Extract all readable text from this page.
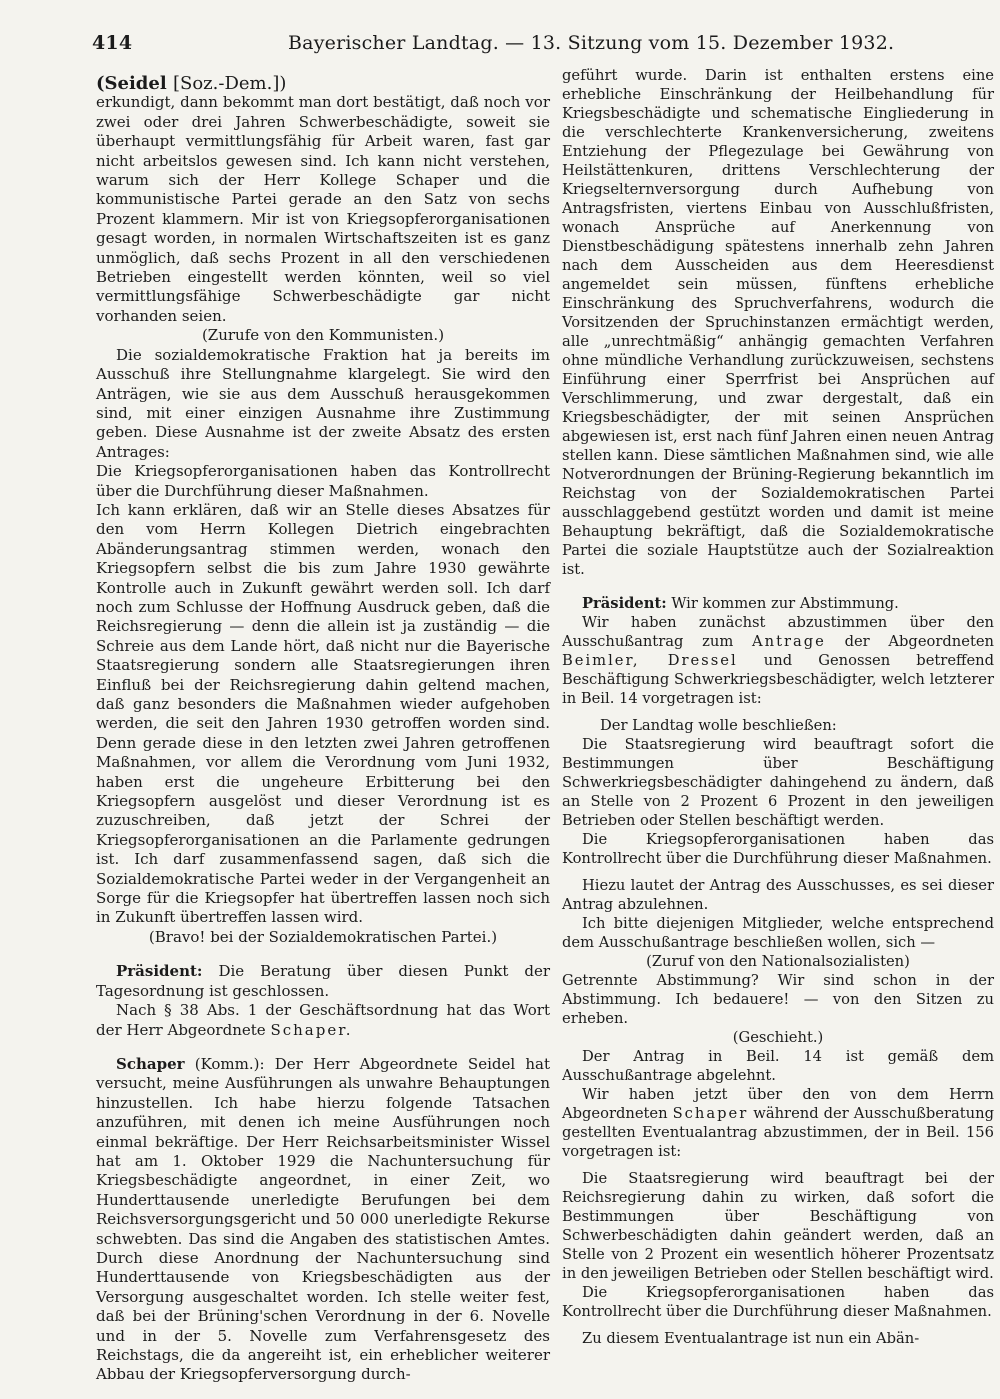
414	Bayerischer Landtag. — 13. Sitzung vom 15. Dezember 1932.

(Seidel [Soz.-Dem.])

erkundigt, dann bekommt man dort bestätigt, daß noch vor zwei oder drei Jahren Schwerbeschädigte, soweit sie überhaupt vermittlungsfähig für Arbeit waren, fast gar nicht arbeitslos gewesen sind. Ich kann nicht verstehen, warum sich der Herr Kollege Schaper und die kommunistische Partei gerade an den Satz von sechs Prozent klammern. Mir ist von Kriegsopferorganisationen gesagt worden, in normalen Wirtschaftszeiten ist es ganz unmöglich, daß sechs Prozent in all den verschiedenen Betrieben eingestellt werden könnten, weil so viel vermittlungsfähige Schwerbeschädigte gar nicht vorhanden seien.

(Zurufe von den Kommunisten.)

Die sozialdemokratische Fraktion hat ja bereits im Ausschuß ihre Stellungnahme klargelegt. Sie wird den Anträgen, wie sie aus dem Ausschuß herausgekommen sind, mit einer einzigen Ausnahme ihre Zustimmung geben. Diese Ausnahme ist der zweite Absatz des ersten Antrages:

Die Kriegsopferorganisationen haben das Kontrollrecht über die Durchführung dieser Maßnahmen.

Ich kann erklären, daß wir an Stelle dieses Absatzes für den vom Herrn Kollegen Dietrich eingebrachten Abänderungsantrag stimmen werden, wonach den Kriegsopfern selbst die bis zum Jahre 1930 gewährte Kontrolle auch in Zukunft gewährt werden soll. Ich darf noch zum Schlusse der Hoffnung Ausdruck geben, daß die Reichsregierung — denn die allein ist ja zuständig — die Schreie aus dem Lande hört, daß nicht nur die Bayerische Staatsregierung sondern alle Staatsregierungen ihren Einfluß bei der Reichsregierung dahin geltend machen, daß ganz besonders die Maßnahmen wieder aufgehoben werden, die seit den Jahren 1930 getroffen worden sind. Denn gerade diese in den letzten zwei Jahren getroffenen Maßnahmen, vor allem die Verordnung vom Juni 1932, haben erst die ungeheure Erbitterung bei den Kriegsopfern ausgelöst und dieser Verordnung ist es zuzuschreiben, daß jetzt der Schrei der Kriegsopferorganisationen an die Parlamente gedrungen ist. Ich darf zusammenfassend sagen, daß sich die Sozialdemokratische Partei weder in der Vergangenheit an Sorge für die Kriegsopfer hat übertreffen lassen noch sich in Zukunft übertreffen lassen wird.

(Bravo! bei der Sozialdemokratischen Partei.)

Präsident: Die Beratung über diesen Punkt der Tagesordnung ist geschlossen.

Nach § 38 Abs. 1 der Geschäftsordnung hat das Wort der Herr Abgeordnete Schaper.

Schaper (Komm.): Der Herr Abgeordnete Seidel hat versucht, meine Ausführungen als unwahre Behauptungen hinzustellen. Ich habe hierzu folgende Tatsachen anzuführen, mit denen ich meine Ausführungen noch einmal bekräftige. Der Herr Reichsarbeitsminister Wissel hat am 1. Oktober 1929 die Nachuntersuchung für Kriegsbeschädigte angeordnet, in einer Zeit, wo Hunderttausende unerledigte Berufungen bei dem Reichsversorgungsgericht und 50 000 unerledigte Rekurse schwebten. Das sind die Angaben des statistischen Amtes. Durch diese Anordnung der Nachuntersuchung sind Hunderttausende von Kriegsbeschädigten aus der Versorgung ausgeschaltet worden. Ich stelle weiter fest, daß bei der Brüning'schen Verordnung in der 6. Novelle und in der 5. Novelle zum Verfahrensgesetz des Reichstags, die da angereiht ist, ein erheblicher weiterer Abbau der Kriegsopferversorgung durch-

geführt wurde. Darin ist enthalten erstens eine erhebliche Einschränkung der Heilbehandlung für Kriegsbeschädigte und schematische Eingliederung in die verschlechterte Krankenversicherung, zweitens Entziehung der Pflegezulage bei Gewährung von Heilstättenkuren, drittens Verschlechterung der Kriegselternversorgung durch Aufhebung von Antragsfristen, viertens Einbau von Ausschlußfristen, wonach Ansprüche auf Anerkennung von Dienstbeschädigung spätestens innerhalb zehn Jahren nach dem Ausscheiden aus dem Heeresdienst angemeldet sein müssen, fünftens erhebliche Einschränkung des Spruchverfahrens, wodurch die Vorsitzenden der Spruchinstanzen ermächtigt werden, alle „unrechtmäßig“ anhängig gemachten Verfahren ohne mündliche Verhandlung zurückzuweisen, sechstens Einführung einer Sperrfrist bei Ansprüchen auf Verschlimmerung, und zwar dergestalt, daß ein Kriegsbeschädigter, der mit seinen Ansprüchen abgewiesen ist, erst nach fünf Jahren einen neuen Antrag stellen kann. Diese sämtlichen Maßnahmen sind, wie alle Notverordnungen der Brüning-Regierung bekanntlich im Reichstag von der Sozialdemokratischen Partei ausschlaggebend gestützt worden und damit ist meine Behauptung bekräftigt, daß die Sozialdemokratische Partei die soziale Hauptstütze auch der Sozialreaktion ist.

Präsident: Wir kommen zur Abstimmung.

Wir haben zunächst abzustimmen über den Ausschußantrag zum Antrage der Abgeordneten Beimler, Dressel und Genossen betreffend Beschäftigung Schwerkriegsbeschädigter, welch letzterer in Beil. 14 vorgetragen ist:

Der Landtag wolle beschließen:

Die Staatsregierung wird beauftragt sofort die Bestimmungen über Beschäftigung Schwerkriegsbeschädigter dahingehend zu ändern, daß an Stelle von 2 Prozent 6 Prozent in den jeweiligen Betrieben oder Stellen beschäftigt werden.

Die Kriegsopferorganisationen haben das Kontrollrecht über die Durchführung dieser Maßnahmen.

Hiezu lautet der Antrag des Ausschusses, es sei dieser Antrag abzulehnen.

Ich bitte diejenigen Mitglieder, welche entsprechend dem Ausschußantrage beschließen wollen, sich —

(Zuruf von den Nationalsozialisten)

Getrennte Abstimmung? Wir sind schon in der Abstimmung. Ich bedauere! — von den Sitzen zu erheben.

(Geschieht.)

Der Antrag in Beil. 14 ist gemäß dem Ausschußantrage abgelehnt.

Wir haben jetzt über den von dem Herrn Abgeordneten Schaper während der Ausschußberatung gestellten Eventualantrag abzustimmen, der in Beil. 156 vorgetragen ist:

Die Staatsregierung wird beauftragt bei der Reichsregierung dahin zu wirken, daß sofort die Bestimmungen über Beschäftigung von Schwerbeschädigten dahin geändert werden, daß an Stelle von 2 Prozent ein wesentlich höherer Prozentsatz in den jeweiligen Betrieben oder Stellen beschäftigt wird.

Die Kriegsopferorganisationen haben das Kontrollrecht über die Durchführung dieser Maßnahmen.

Zu diesem Eventualantrage ist nun ein Abän-
